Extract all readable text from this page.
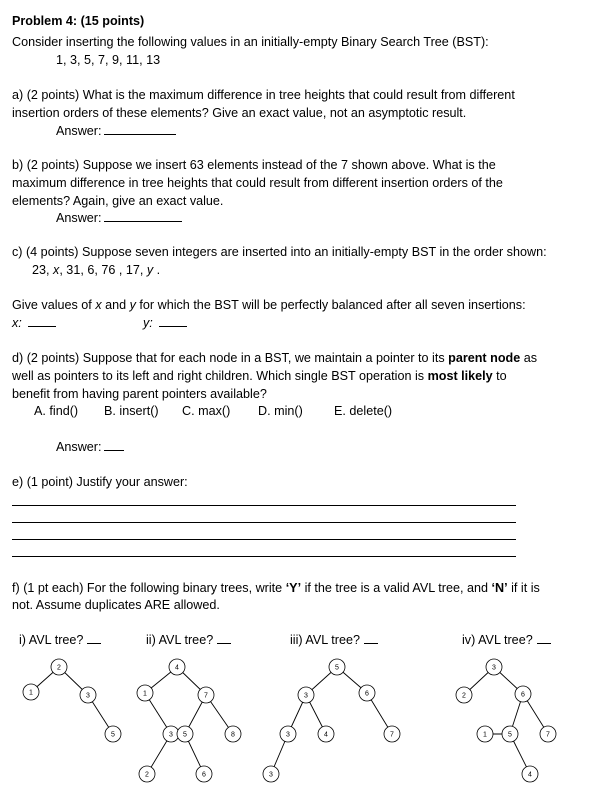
Problem 4: (15 points)
Consider inserting the following values in an initially-empty Binary Search Tree (BST):
1, 3, 5, 7, 9, 11, 13
a) (2 points) What is the maximum difference in tree heights that could result from different
insertion orders of these elements? Give an exact value, not an asymptotic result.
Answer:
b) (2 points) Suppose we insert 63 elements instead of the 7 shown above. What is the
maximum difference in tree heights that could result from different insertion orders of the
elements? Again, give an exact value.
Answer:
c) (4 points) Suppose seven integers are inserted into an initially-empty BST in the order shown:
23, x, 31, 6, 76 , 17, y .
Give values of x and y for which the BST will be perfectly balanced after all seven insertions:
x:	y:
d) (2 points) Suppose that for each node in a BST, we maintain a pointer to its parent node as
well as pointers to its left and right children. Which single BST operation is most likely to
benefit from having parent pointers available?
A. find() B. insert() C. max() D. min() E. delete()
Answer:
e) (1 point) Justify your answer:
f) (1 pt each) For the following binary trees, write ‘Y’ if the tree is a valid AVL tree, and ‘N’ if it is
not. Assume duplicates ARE allowed.
i) AVL tree?	ii) AVL tree?	iii) AVL tree?	iv) AVL tree?
2
1	3
5
4
1	7
3 5	8
2	6
5
3	6
3	4	7
3
3
2	6
1	5	7
4
